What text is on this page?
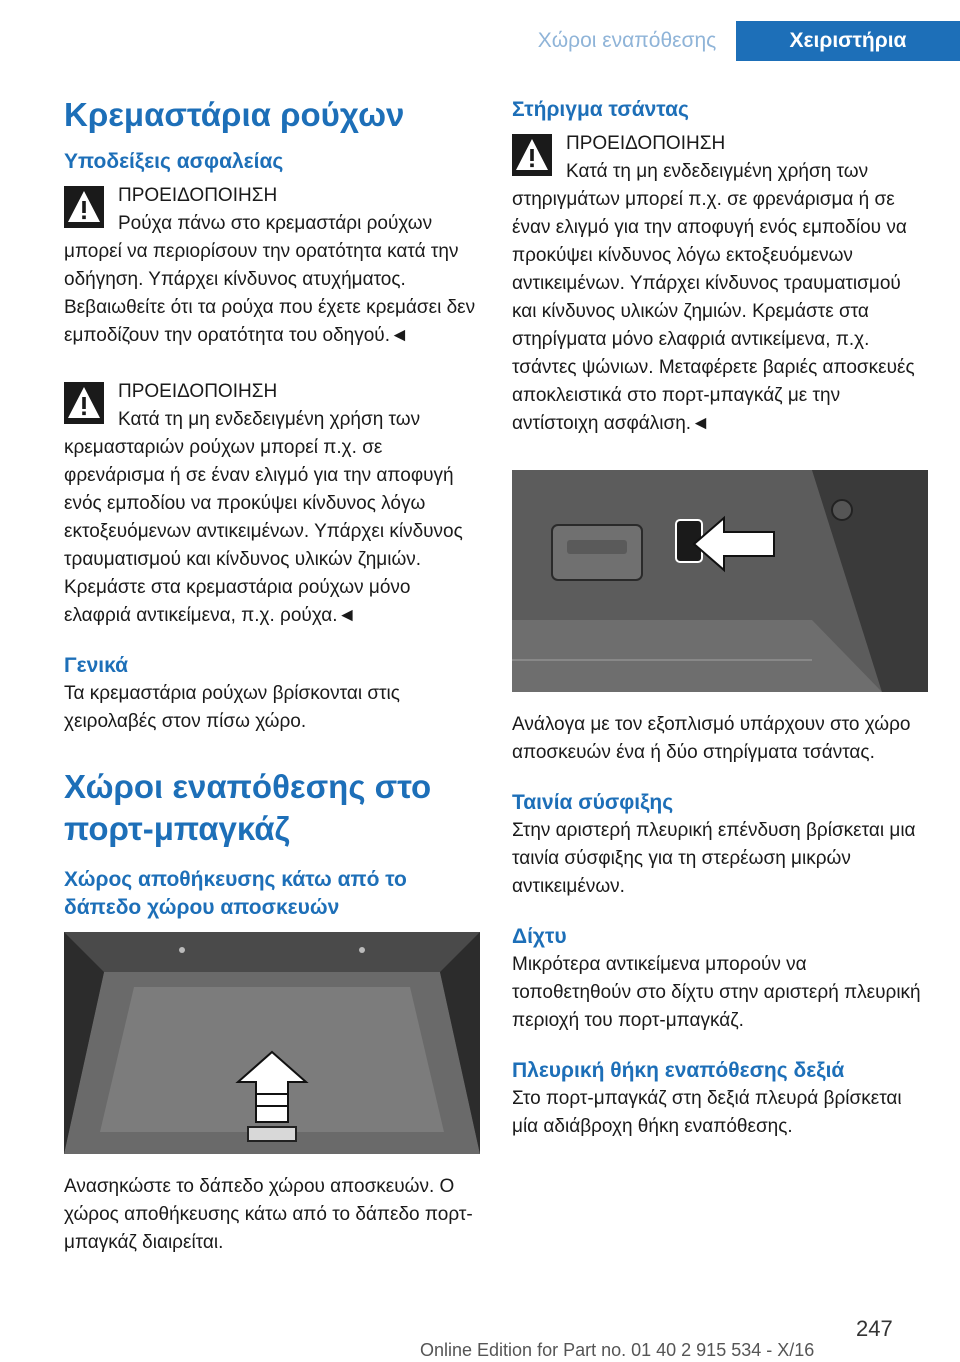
Χώροι εναπόθεσης	Χειριστήρια
Κρεμαστάρια ρούχων
Υποδείξεις ασφαλείας

ΠΡΟΕΙΔΟΠΟΙΗΣΗ

Ρούχα πάνω στο κρεμαστάρι ρούχων μπορεί να περιορίσουν την ορατότητα κατά την οδήγηση. Υπάρχει κίνδυνος ατυχήματος. Βεβαιωθείτε ότι τα ρούχα που έχετε κρεμάσει δεν εμποδίζουν την ορατότητα του οδηγού.◄

ΠΡΟΕΙΔΟΠΟΙΗΣΗ

Κατά τη μη ενδεδειγμένη χρήση των κρεμασταριών ρούχων μπορεί π.χ. σε φρενάρισμα ή σε έναν ελιγμό για την αποφυγή ενός εμποδίου να προκύψει κίνδυνος λόγω εκτοξευόμενων αντικειμένων. Υπάρχει κίνδυνος τραυματισμού και κίνδυνος υλικών ζημιών. Κρεμάστε στα κρεμαστάρια ρούχων μόνο ελαφριά αντικείμενα, π.χ. ρούχα.◄

Γενικά

Τα κρεμαστάρια ρούχων βρίσκονται στις χειρολαβές στον πίσω χώρο.

Χώροι εναπόθεσης στο πορτ-μπαγκάζ
Χώρος αποθήκευσης κάτω από το δάπεδο χώρου αποσκευών

Ανασηκώστε το δάπεδο χώρου αποσκευών. Ο χώρος αποθήκευσης κάτω από το δάπεδο πορτ-μπαγκάζ διαιρείται.

Στήριγμα τσάντας

ΠΡΟΕΙΔΟΠΟΙΗΣΗ

Κατά τη μη ενδεδειγμένη χρήση των στηριγμάτων μπορεί π.χ. σε φρενάρισμα ή σε έναν ελιγμό για την αποφυγή ενός εμποδίου να προκύψει κίνδυνος λόγω εκτοξευόμενων αντικειμένων. Υπάρχει κίνδυνος τραυματισμού και κίνδυνος υλικών ζημιών. Κρεμάστε στα στηρίγματα μόνο ελαφριά αντικείμενα, π.χ. τσάντες ψώνιων. Μεταφέρετε βαριές αποσκευές αποκλειστικά στο πορτ-μπαγκάζ με την αντίστοιχη ασφάλιση.◄

Ανάλογα με τον εξοπλισμό υπάρχουν στο χώρο αποσκευών ένα ή δύο στηρίγματα τσάντας.

Ταινία σύσφιξης

Στην αριστερή πλευρική επένδυση βρίσκεται μια ταινία σύσφιξης για τη στερέωση μικρών αντικειμένων.

Δίχτυ

Μικρότερα αντικείμενα μπορούν να τοποθετηθούν στο δίχτυ στην αριστερή πλευρική περιοχή του πορτ-μπαγκάζ.

Πλευρική θήκη εναπόθεσης δεξιά

Στο πορτ-μπαγκάζ στη δεξιά πλευρά βρίσκεται μία αδιάβροχη θήκη εναπόθεσης.

247
Online Edition for Part no. 01 40 2 915 534 - X/16
